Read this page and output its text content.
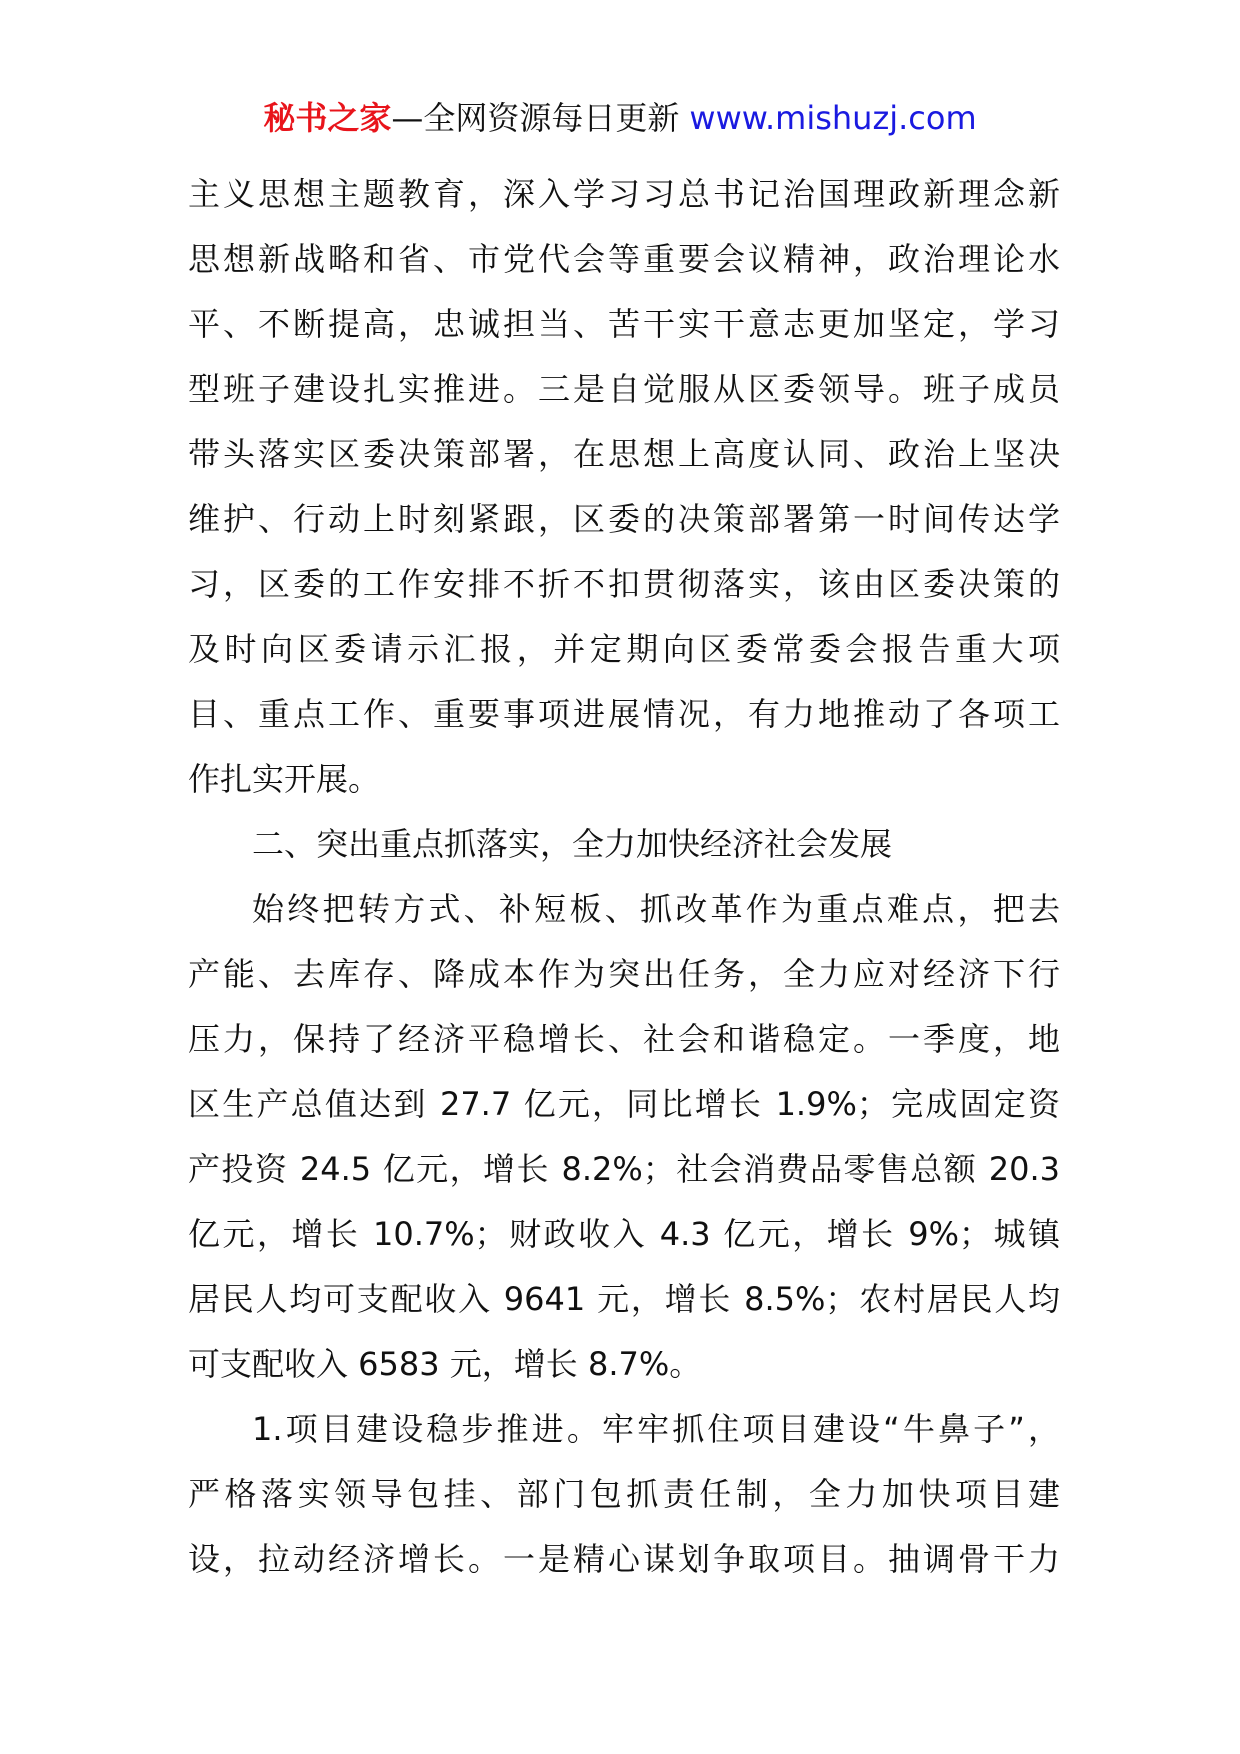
秘书之家—全网资源每日更新 www.mishuzj.com
主义思想主题教育，深入学习习总书记治国理政新理念新
思想新战略和省、市党代会等重要会议精神，政治理论水
平、不断提高，忠诚担当、苦干实干意志更加坚定，学习
型班子建设扎实推进。三是自觉服从区委领导。班子成员
带头落实区委决策部署，在思想上高度认同、政治上坚决
维护、行动上时刻紧跟，区委的决策部署第一时间传达学
习，区委的工作安排不折不扣贯彻落实，该由区委决策的
及时向区委请示汇报，并定期向区委常委会报告重大项
目、重点工作、重要事项进展情况，有力地推动了各项工
作扎实开展。
二、突出重点抓落实，全力加快经济社会发展
始终把转方式、补短板、抓改革作为重点难点，把去
产能、去库存、降成本作为突出任务，全力应对经济下行
压力，保持了经济平稳增长、社会和谐稳定。一季度，地
区生产总值达到 27.7 亿元，同比增长 1.9%；完成固定资
产投资 24.5 亿元，增长 8.2%；社会消费品零售总额 20.3
亿元，增长 10.7%；财政收入 4.3 亿元，增长 9%；城镇
居民人均可支配收入 9641 元，增长 8.5%；农村居民人均
可支配收入 6583 元，增长 8.7%。
1.项目建设稳步推进。牢牢抓住项目建设“牛鼻子”，
严格落实领导包挂、部门包抓责任制，全力加快项目建
设，拉动经济增长。一是精心谋划争取项目。抽调骨干力
